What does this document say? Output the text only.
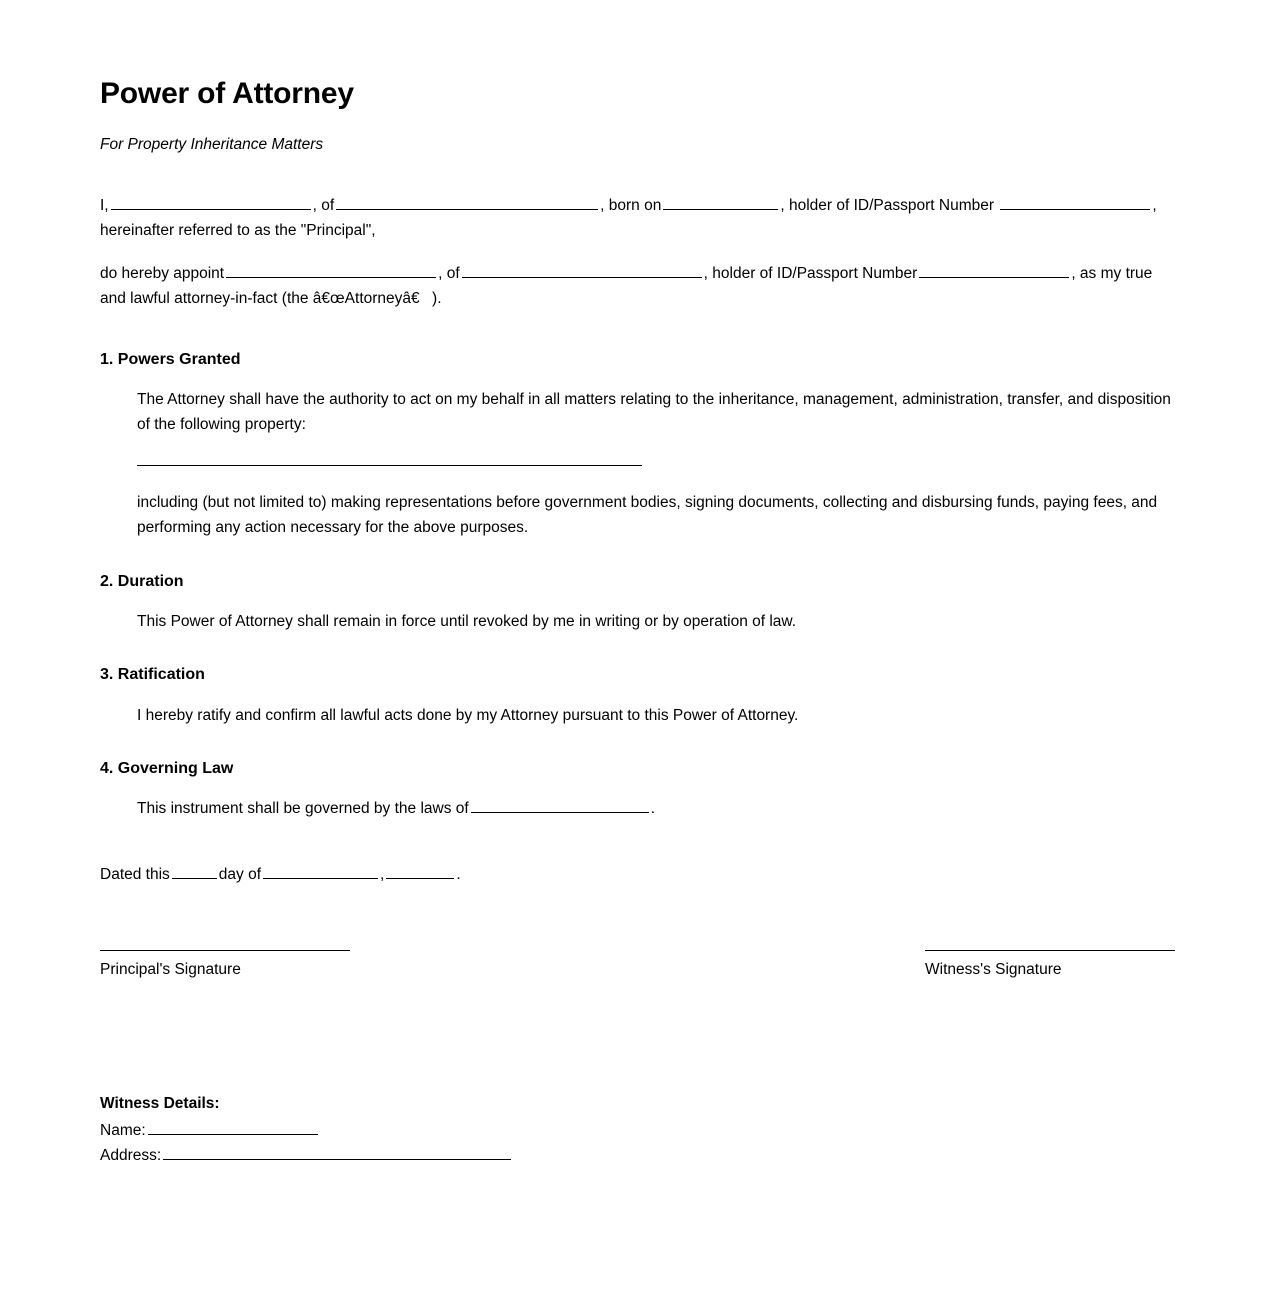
Power of Attorney
For Property Inheritance Matters

I,	, of	, born on	, holder of ID/Passport Number	, hereinafter referred to as the "Principal",

do hereby appoint	, of	, holder of ID/Passport Number	, as my true and lawful attorney-in-fact (the â€œAttorneyâ€).

1. Powers Granted

The Attorney shall have the authority to act on my behalf in all matters relating to the inheritance, management, administration, transfer, and disposition of the following property:

including (but not limited to) making representations before government bodies, signing documents, collecting and disbursing funds, paying fees, and performing any action necessary for the above purposes.

2. Duration

This Power of Attorney shall remain in force until revoked by me in writing or by operation of law.

3. Ratification

I hereby ratify and confirm all lawful acts done by my Attorney pursuant to this Power of Attorney.

4. Governing Law

This instrument shall be governed by the laws of	.

Dated this	day of	,	.

Principal's Signature	Witness's Signature
Witness Details:
Name:
Address:
